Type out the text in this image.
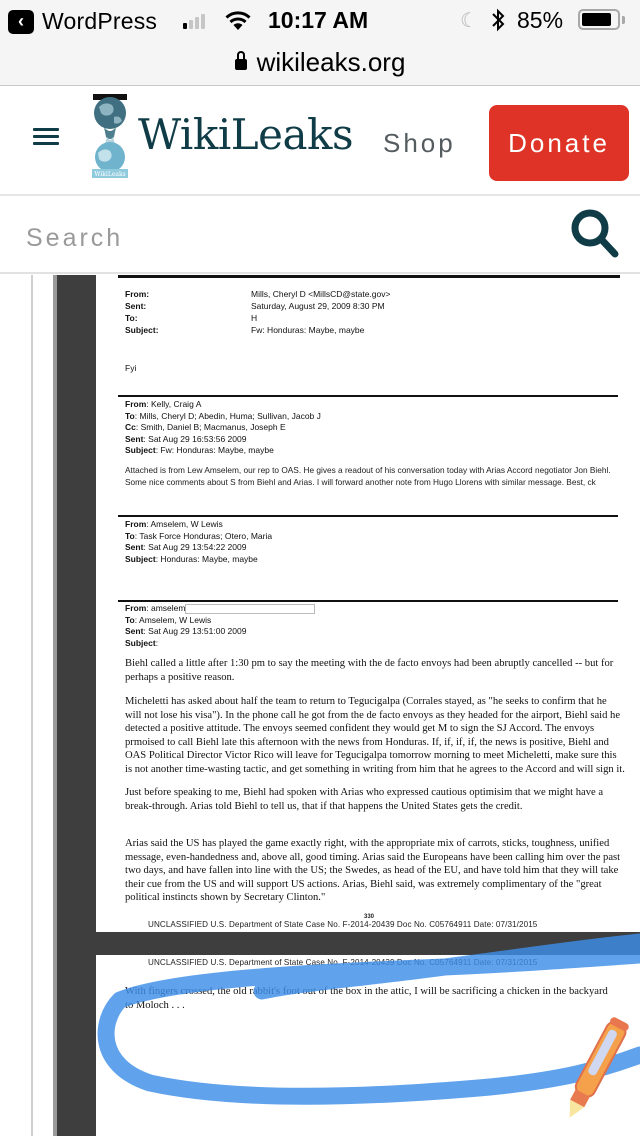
‹ WordPress	10:17 AM	☾ 85%
wikileaks.org
WikiLeaks
WikiLeaks Shop	Donate
Search
From:	Mills, Cheryl D <MillsCD@state.gov>
Sent:	Saturday, August 29, 2009 8:30 PM
To:	H
Subject:	Fw: Honduras: Maybe, maybe
Fyi
From: Kelly, Craig A
To: Mills, Cheryl D; Abedin, Huma; Sullivan, Jacob J
Cc: Smith, Daniel B; Macmanus, Joseph E
Sent: Sat Aug 29 16:53:56 2009
Subject: Fw: Honduras: Maybe, maybe
Attached is from Lew Amselem, our rep to OAS. He gives a readout of his conversation today with Arias Accord negotiator Jon Biehl. Some nice comments about S from Biehl and Arias. I will forward another note from Hugo Llorens with similar message. Best, ck
From: Amselem, W Lewis
To: Task Force Honduras; Otero, Maria
Sent: Sat Aug 29 13:54:22 2009
Subject: Honduras: Maybe, maybe
From: amselem
To: Amselem, W Lewis
Sent: Sat Aug 29 13:51:00 2009
Subject:
Biehl called a little after 1:30 pm to say the meeting with the de facto envoys had been abruptly cancelled -- but for perhaps a positive reason.
Micheletti has asked about half the team to return to Tegucigalpa (Corrales stayed, as "he seeks to confirm that he will not lose his visa"). In the phone call he got from the de facto envoys as they headed for the airport, Biehl said he detected a positive attitude. The envoys seemed confident they would get M to sign the SJ Accord. The envoys prmoised to call Biehl late this afternoon with the news from Honduras. If, if, if, if, the news is positive, Biehl and OAS Political Director Victor Rico will leave for Tegucigalpa tomorrow morning to meet Micheletti, make sure this is not another time-wasting tactic, and get something in writing from him that he agrees to the Accord and will sign it.
Just before speaking to me, Biehl had spoken with Arias who expressed cautious optimisim that we might have a break-through. Arias told Biehl to tell us, that if that happens the United States gets the credit.
Arias said the US has played the game exactly right, with the appropriate mix of carrots, sticks, toughness, unified message, even-handedness and, above all, good timing. Arias said the Europeans have been calling him over the past two days, and have fallen into line with the US; the Swedes, as head of the EU, and have told him that they will take their cue from the US and will support US actions. Arias, Biehl said, was extremely complimentary of the "great political instincts shown by Secretary Clinton."
330
UNCLASSIFIED U.S. Department of State Case No. F-2014-20439 Doc No. C05764911 Date: 07/31/2015
UNCLASSIFIED U.S. Department of State Case No. F-2014-20439 Doc No. C05764911 Date: 07/31/2015
With fingers crossed, the old rabbit's foot out of the box in the attic, I will be sacrificing a chicken in the backyard to Moloch . . .
